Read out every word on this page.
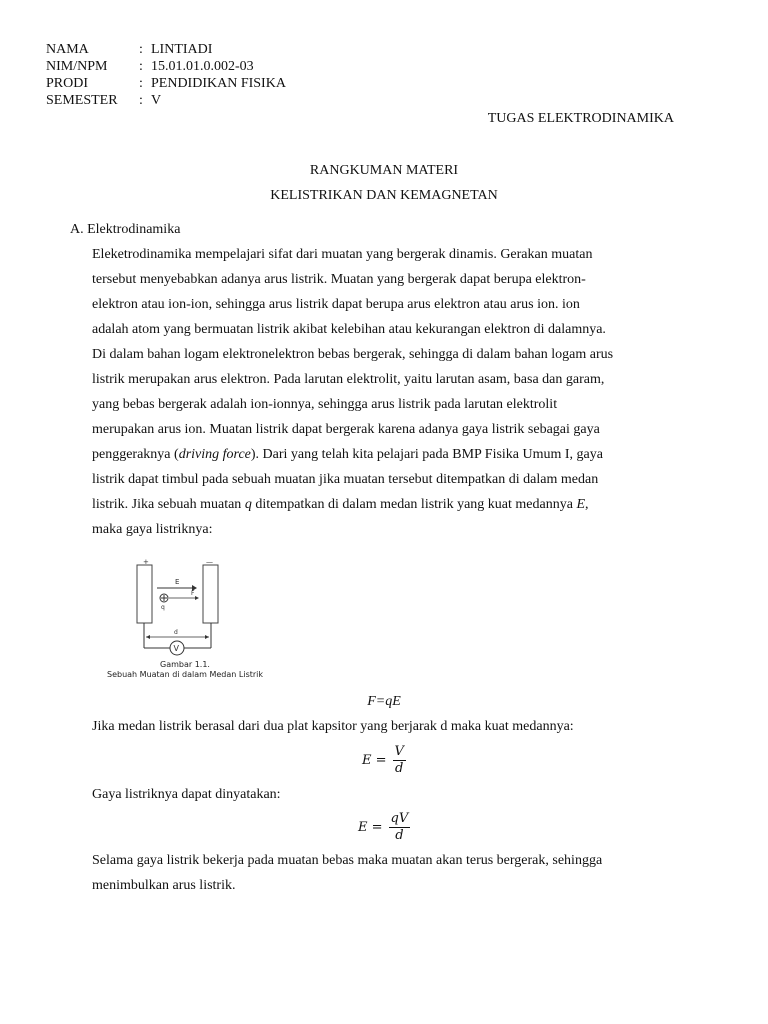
NAMA	: LINTIADI
NIM/NPM : 15.01.01.0.002-03
PRODI	: PENDIDIKAN FISIKA
SEMESTER : V
TUGAS ELEKTRODINAMIKA
RANGKUMAN MATERI
KELISTRIKAN DAN KEMAGNETAN
A. Elektrodinamika
Eleketrodinamika mempelajari sifat dari muatan yang bergerak dinamis. Gerakan muatan
tersebut menyebabkan adanya arus listrik. Muatan yang bergerak dapat berupa elektron-
elektron atau ion-ion, sehingga arus listrik dapat berupa arus elektron atau arus ion. ion
adalah atom yang bermuatan listrik akibat kelebihan atau kekurangan elektron di dalamnya.
Di dalam bahan logam elektronelektron bebas bergerak, sehingga di dalam bahan logam arus
listrik merupakan arus elektron. Pada larutan elektrolit, yaitu larutan asam, basa dan garam,
yang bebas bergerak adalah ion-ionnya, sehingga arus listrik pada larutan elektrolit
merupakan arus ion. Muatan listrik dapat bergerak karena adanya gaya listrik sebagai gaya
penggeraknya (driving force). Dari yang telah kita pelajari pada BMP Fisika Umum I, gaya
listrik dapat timbul pada sebuah muatan jika muatan tersebut ditempatkan di dalam medan
listrik. Jika sebuah muatan q ditempatkan di dalam medan listrik yang kuat medannya E,
maka gaya listriknya:
+	—
E
F
q
V
d
Gambar 1.1.
Sebuah Muatan di dalam Medan Listrik
F=qE
Jika medan listrik berasal dari dua plat kapsitor yang berjarak d maka kuat medannya:
$E = \frac{V}{d}$
Gaya listriknya dapat dinyatakan:
$E = \frac{qV}{d}$
Selama gaya listrik bekerja pada muatan bebas maka muatan akan terus bergerak, sehingga
menimbulkan arus listrik.
